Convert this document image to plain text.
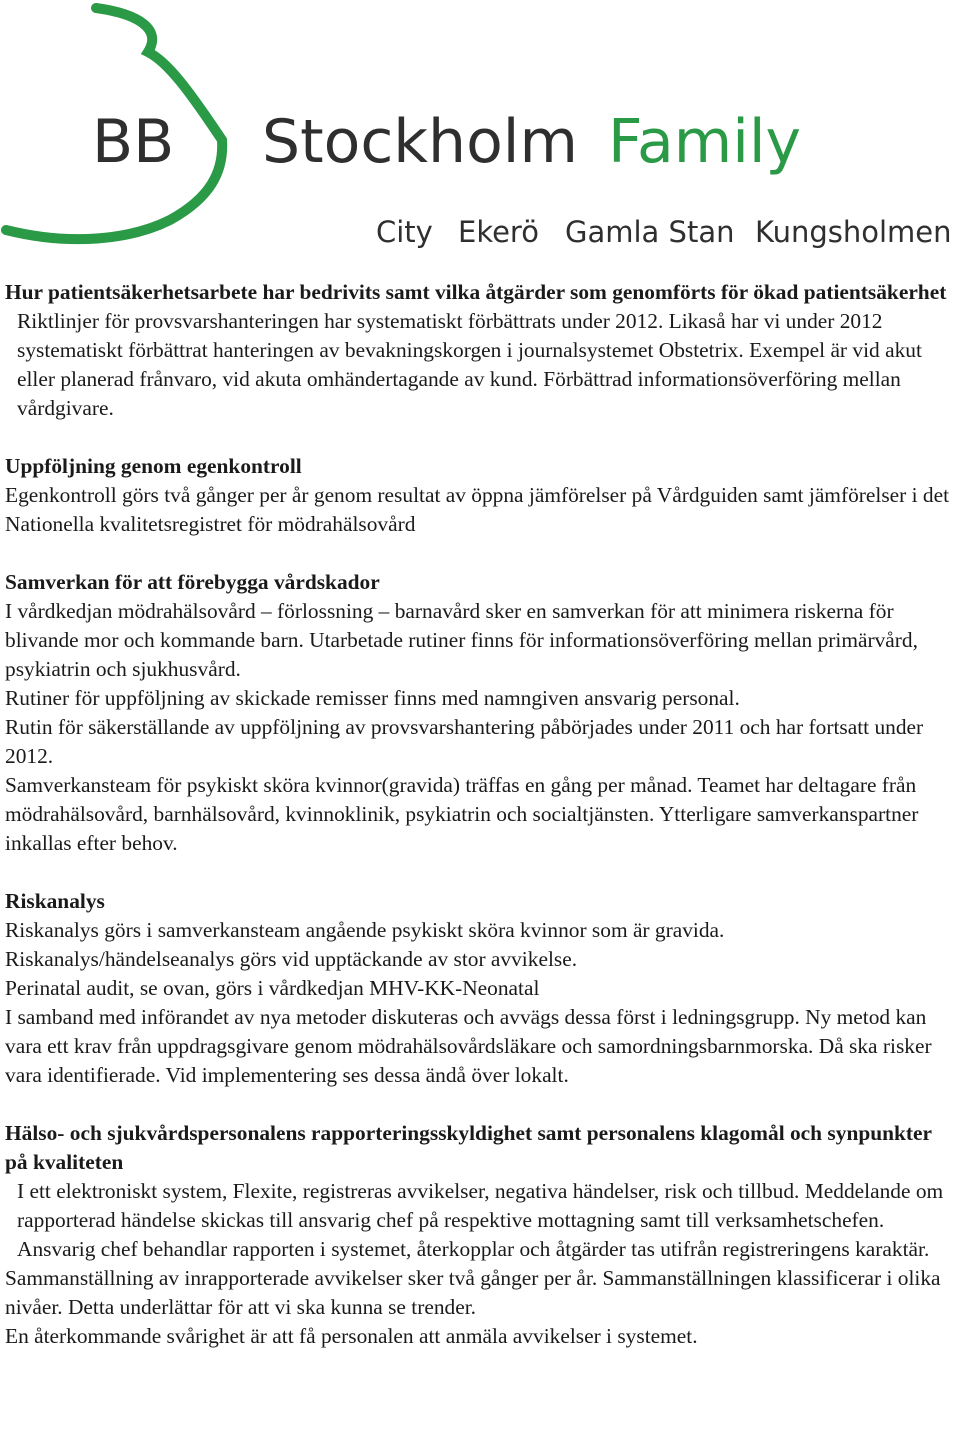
BB Stockholm Family
City Ekerö Gamla Stan Kungsholmen
Hur patientsäkerhetsarbete har bedrivits samt vilka åtgärder som genomförts för ökad patientsäkerhet
Riktlinjer för provsvarshanteringen har systematiskt förbättrats under 2012. Likaså har vi under 2012 systematiskt förbättrat hanteringen av bevakningskorgen i journalsystemet Obstetrix. Exempel är vid akut eller planerad frånvaro, vid akuta omhändertagande av kund. Förbättrad informationsöverföring mellan vårdgivare.
Uppföljning genom egenkontroll
Egenkontroll görs två gånger per år genom resultat av öppna jämförelser på Vårdguiden samt jämförelser i det Nationella kvalitetsregistret för mödrahälsovård
Samverkan för att förebygga vårdskador
I vårdkedjan mödrahälsovård – förlossning – barnavård sker en samverkan för att minimera riskerna för blivande mor och kommande barn. Utarbetade rutiner finns för informationsöverföring mellan primärvård, psykiatrin och sjukhusvård.
Rutiner för uppföljning av skickade remisser finns med namngiven ansvarig personal.
Rutin för säkerställande av uppföljning av provsvarshantering påbörjades under 2011 och har fortsatt under 2012.
Samverkansteam för psykiskt sköra kvinnor(gravida) träffas en gång per månad. Teamet har deltagare från mödrahälsovård, barnhälsovård, kvinnoklinik, psykiatrin och socialtjänsten. Ytterligare samverkanspartner inkallas efter behov.
Riskanalys
Riskanalys görs i samverkansteam angående psykiskt sköra kvinnor som är gravida.
Riskanalys/händelseanalys görs vid upptäckande av stor avvikelse.
Perinatal audit, se ovan, görs i vårdkedjan MHV-KK-Neonatal
I samband med införandet av nya metoder diskuteras och avvägs dessa först i ledningsgrupp. Ny metod kan vara ett krav från uppdragsgivare genom mödrahälsovårdsläkare och samordningsbarnmorska. Då ska risker vara identifierade. Vid implementering ses dessa ändå över lokalt.
Hälso- och sjukvårdspersonalens rapporteringsskyldighet samt personalens klagomål och synpunkter på kvaliteten
I ett elektroniskt system, Flexite, registreras avvikelser, negativa händelser, risk och tillbud. Meddelande om rapporterad händelse skickas till ansvarig chef på respektive mottagning samt till verksamhetschefen. Ansvarig chef behandlar rapporten i systemet, återkopplar och åtgärder tas utifrån registreringens karaktär.
Sammanställning av inrapporterade avvikelser sker två gånger per år. Sammanställningen klassificerar i olika nivåer. Detta underlättar för att vi ska kunna se trender.
En återkommande svårighet är att få personalen att anmäla avvikelser i systemet.
